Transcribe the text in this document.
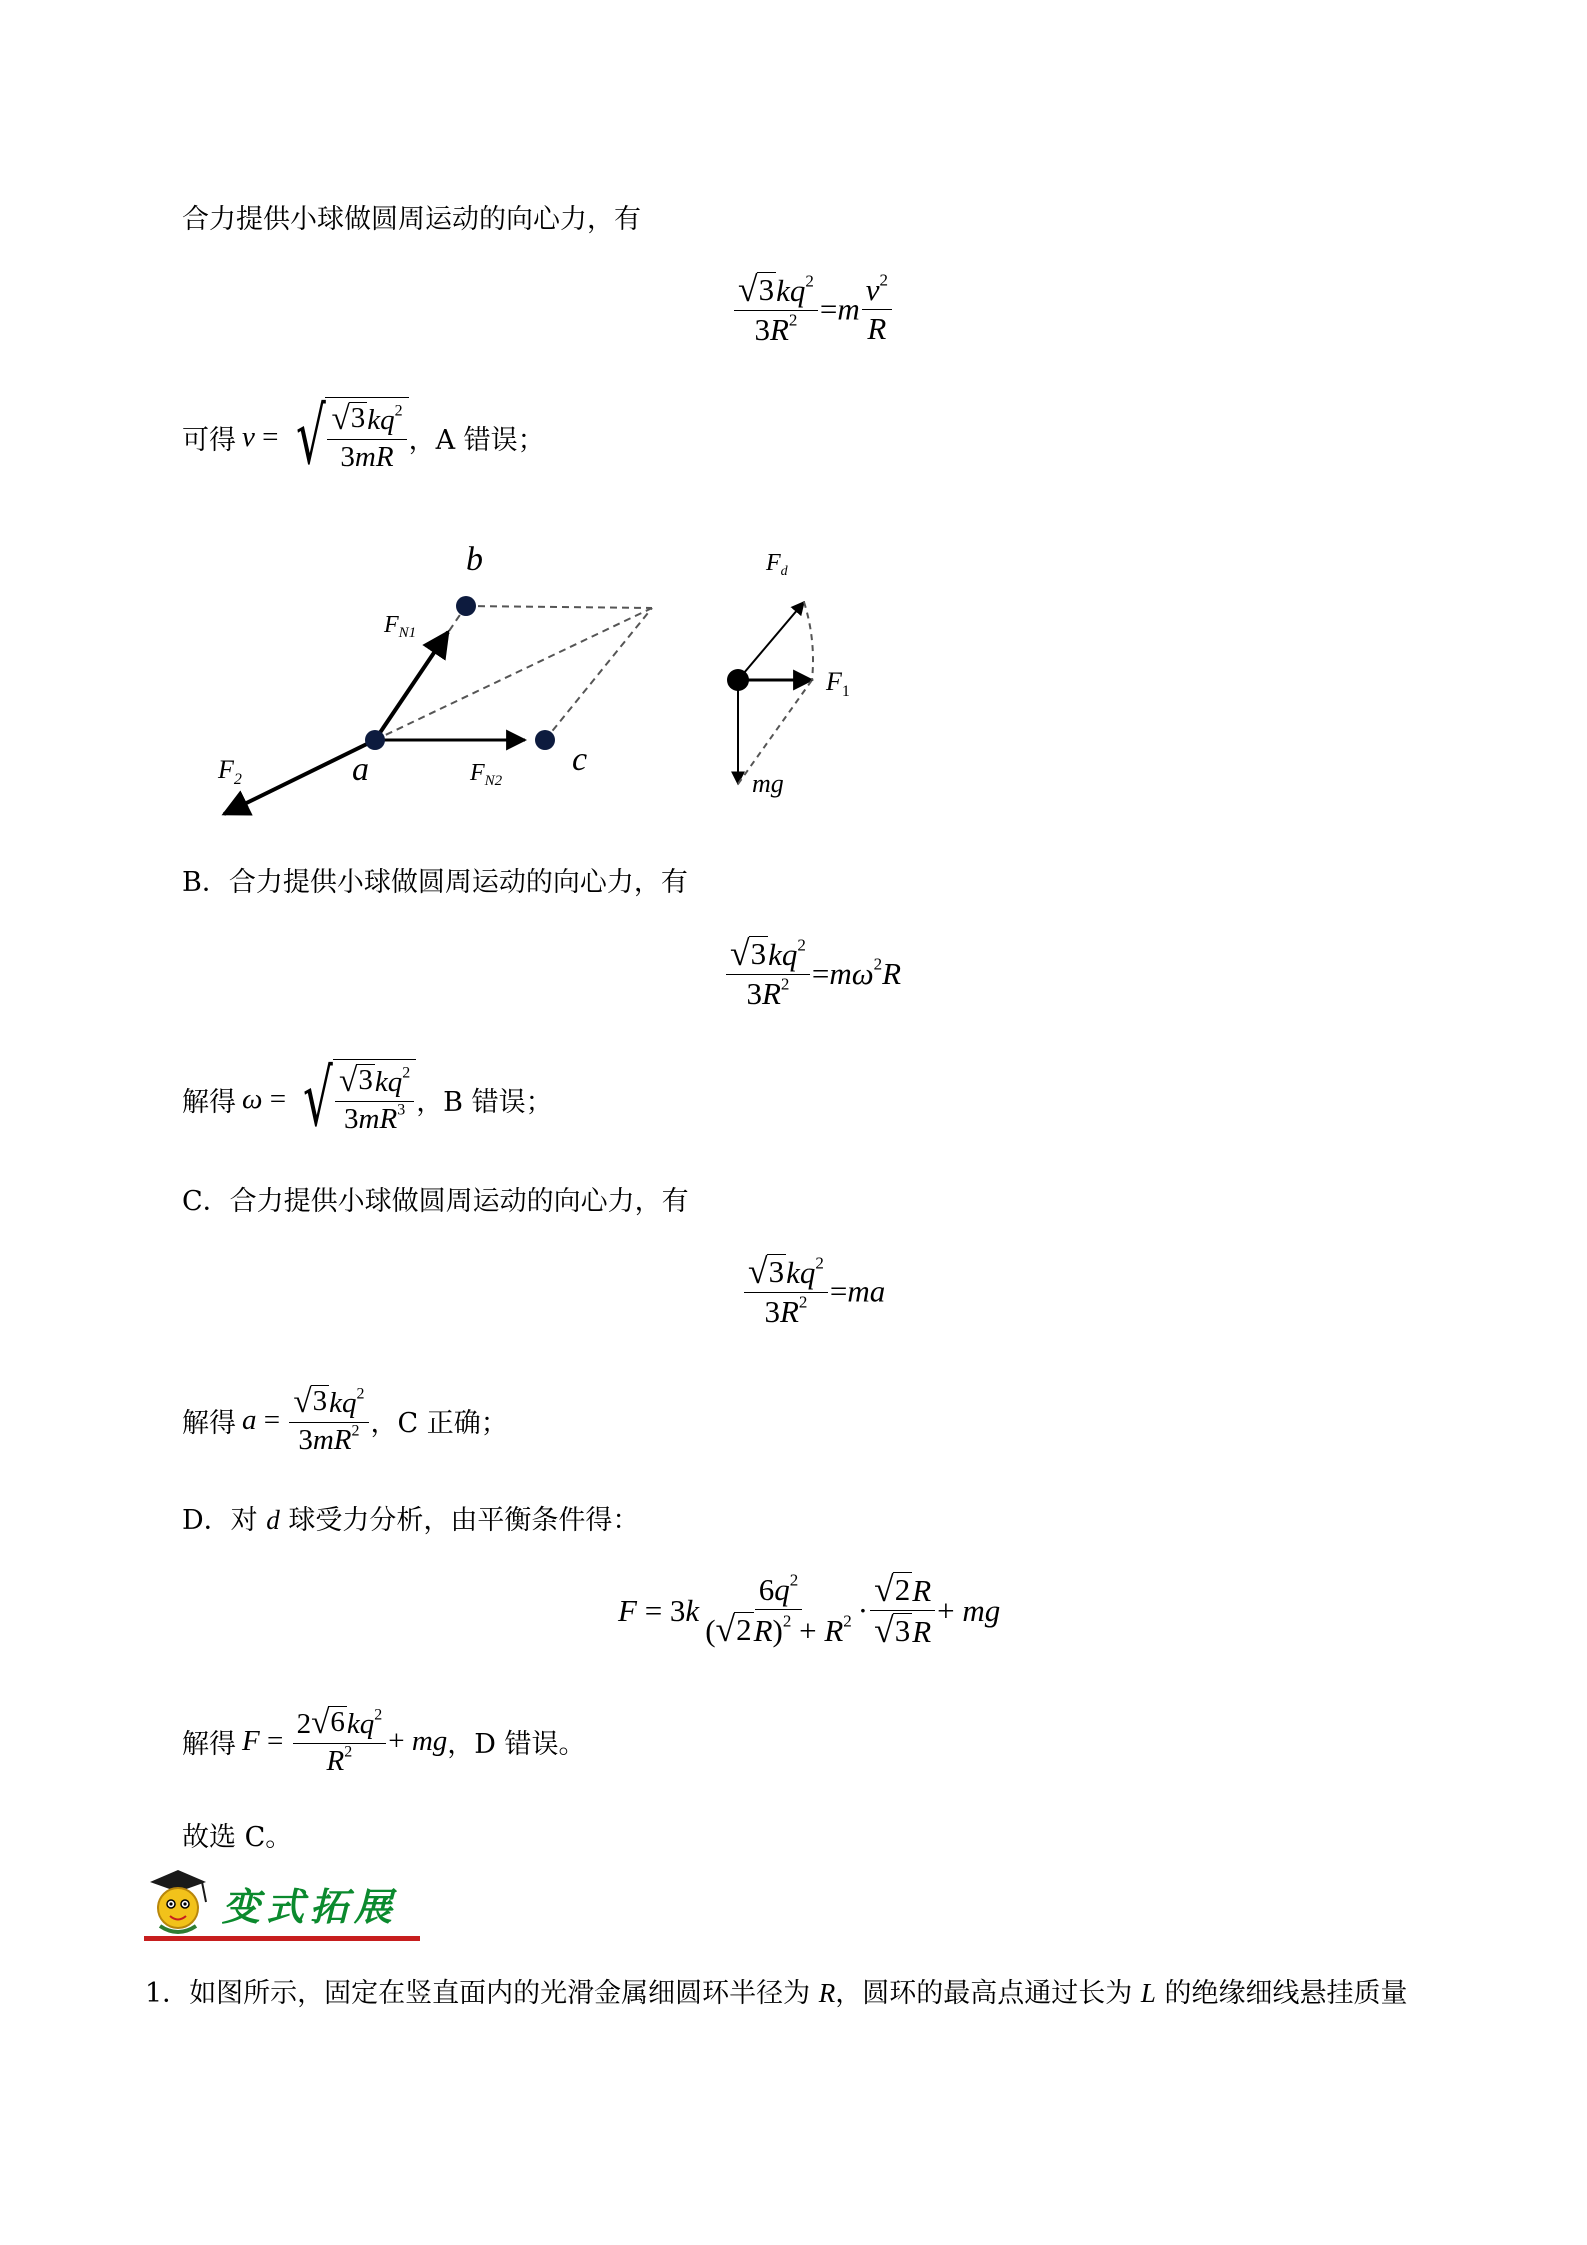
合力提供小球做圆周运动的向心力，有
$\frac{√ 3 kq^2}{3R^2} =m \frac{v^2}{R}$
可得 v = √ $\frac{√ 3 kq^2}{3mR}$ ，A 错误；
b
a	c
$F_{N1}$
$F_{N2}$
$F_2$
$F_d$
$F_1$
mg
B．合力提供小球做圆周运动的向心力，有
$\frac{√ 3 kq^2}{3R^2} =m\omega^2R$
解得 ω = √ $\frac{√ 3 kq^2}{3mR^3}$ ，B 错误；
C．合力提供小球做圆周运动的向心力，有
$\frac{√ 3 kq^2}{3R^2} =ma$
解得 $a = \frac{√ 3 kq^2}{3mR^2}$ ，C 正确；
D．对 d 球受力分析，由平衡条件得：
F = 3 k $\frac{6q^2}{( √ 2 R)^2 + R^2} \cdot \frac{√ 2 R}{√ 3 R}$ + mg
解得 $F = \frac{2 √ 6 kq^2}{R^2}$ + mg ，D 错误。
故选 C。
变式拓展
1．如图所示，固定在竖直面内的光滑金属细圆环半径为 R，圆环的最高点通过长为 L 的绝缘细线悬挂质量
